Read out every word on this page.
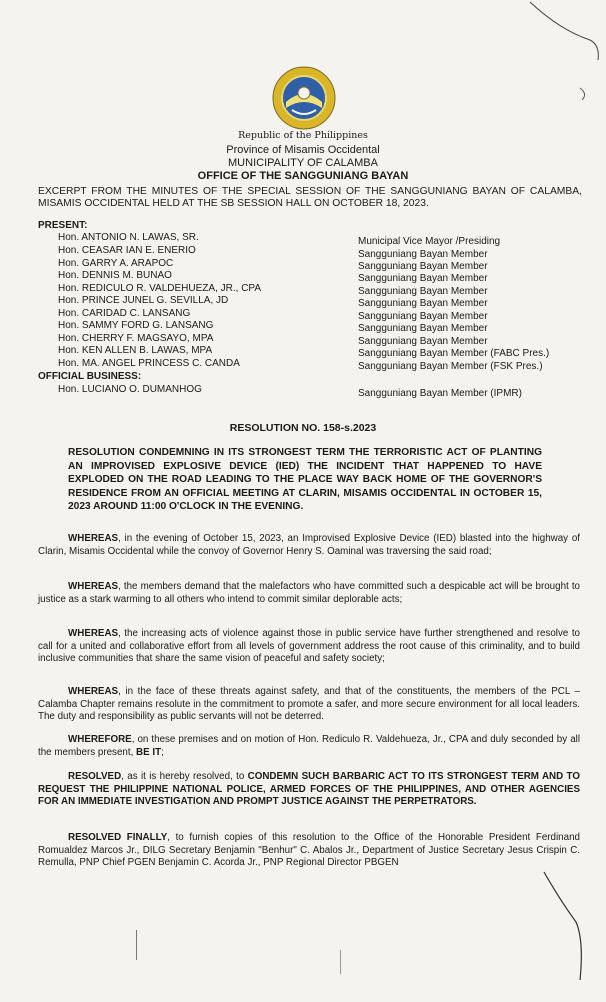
Republic of the Philippines
Province of Misamis Occidental
MUNICIPALITY OF CALAMBA
OFFICE OF THE SANGGUNIANG BAYAN
EXCERPT FROM THE MINUTES OF THE SPECIAL SESSION OF THE SANGGUNIANG BAYAN OF CALAMBA, MISAMIS OCCIDENTAL HELD AT THE SB SESSION HALL ON OCTOBER 18, 2023.
PRESENT:
Hon. ANTONIO N. LAWAS, SR.	Municipal Vice Mayor /Presiding
Hon. CEASAR IAN E. ENERIO	Sangguniang Bayan Member
Hon. GARRY A. ARAPOC	Sangguniang Bayan Member
Hon. DENNIS M. BUNAO	Sangguniang Bayan Member
Hon. REDICULO R. VALDEHUEZA, JR., CPA	Sangguniang Bayan Member
Hon. PRINCE JUNEL G. SEVILLA, JD	Sangguniang Bayan Member
Hon. CARIDAD C. LANSANG	Sangguniang Bayan Member
Hon. SAMMY FORD G. LANSANG	Sangguniang Bayan Member
Hon. CHERRY F. MAGSAYO, MPA	Sangguniang Bayan Member
Hon. KEN ALLEN B. LAWAS, MPA	Sangguniang Bayan Member (FABC Pres.)
Hon. MA. ANGEL PRINCESS C. CANDA	Sangguniang Bayan Member (FSK Pres.)
OFFICIAL BUSINESS:
Hon. LUCIANO O. DUMANHOG	Sangguniang Bayan Member (IPMR)
RESOLUTION NO. 158-s.2023
RESOLUTION CONDEMNING IN ITS STRONGEST TERM THE TERRORISTIC ACT OF PLANTING AN IMPROVISED EXPLOSIVE DEVICE (IED) THE INCIDENT THAT HAPPENED TO HAVE EXPLODED ON THE ROAD LEADING TO THE PLACE WAY BACK HOME OF THE GOVERNOR'S RESIDENCE FROM AN OFFICIAL MEETING AT CLARIN, MISAMIS OCCIDENTAL IN OCTOBER 15, 2023 AROUND 11:00 O'CLOCK IN THE EVENING.

WHEREAS, in the evening of October 15, 2023, an Improvised Explosive Device (IED) blasted into the highway of Clarin, Misamis Occidental while the convoy of Governor Henry S. Oaminal was traversing the said road;

WHEREAS, the members demand that the malefactors who have committed such a despicable act will be brought to justice as a stark warming to all others who intend to commit similar deplorable acts;

WHEREAS, the increasing acts of violence against those in public service have further strengthened and resolve to call for a united and collaborative effort from all levels of government address the root cause of this criminality, and to build inclusive communities that share the same vision of peaceful and safety society;

WHEREAS, in the face of these threats against safety, and that of the constituents, the members of the PCL – Calamba Chapter remains resolute in the commitment to promote a safer, and more secure environment for all local leaders. The duty and responsibility as public servants will not be deterred.

WHEREFORE, on these premises and on motion of Hon. Rediculo R. Valdehueza, Jr., CPA and duly seconded by all the members present, BE IT;

RESOLVED, as it is hereby resolved, to CONDEMN SUCH BARBARIC ACT TO ITS STRONGEST TERM AND TO REQUEST THE PHILIPPINE NATIONAL POLICE, ARMED FORCES OF THE PHILIPPINES, AND OTHER AGENCIES FOR AN IMMEDIATE INVESTIGATION AND PROMPT JUSTICE AGAINST THE PERPETRATORS.

RESOLVED FINALLY, to furnish copies of this resolution to the Office of the Honorable President Ferdinand Romualdez Marcos Jr., DILG Secretary Benjamin "Benhur" C. Abalos Jr., Department of Justice Secretary Jesus Crispin C. Remulla, PNP Chief PGEN Benjamin C. Acorda Jr., PNP Regional Director PBGEN
